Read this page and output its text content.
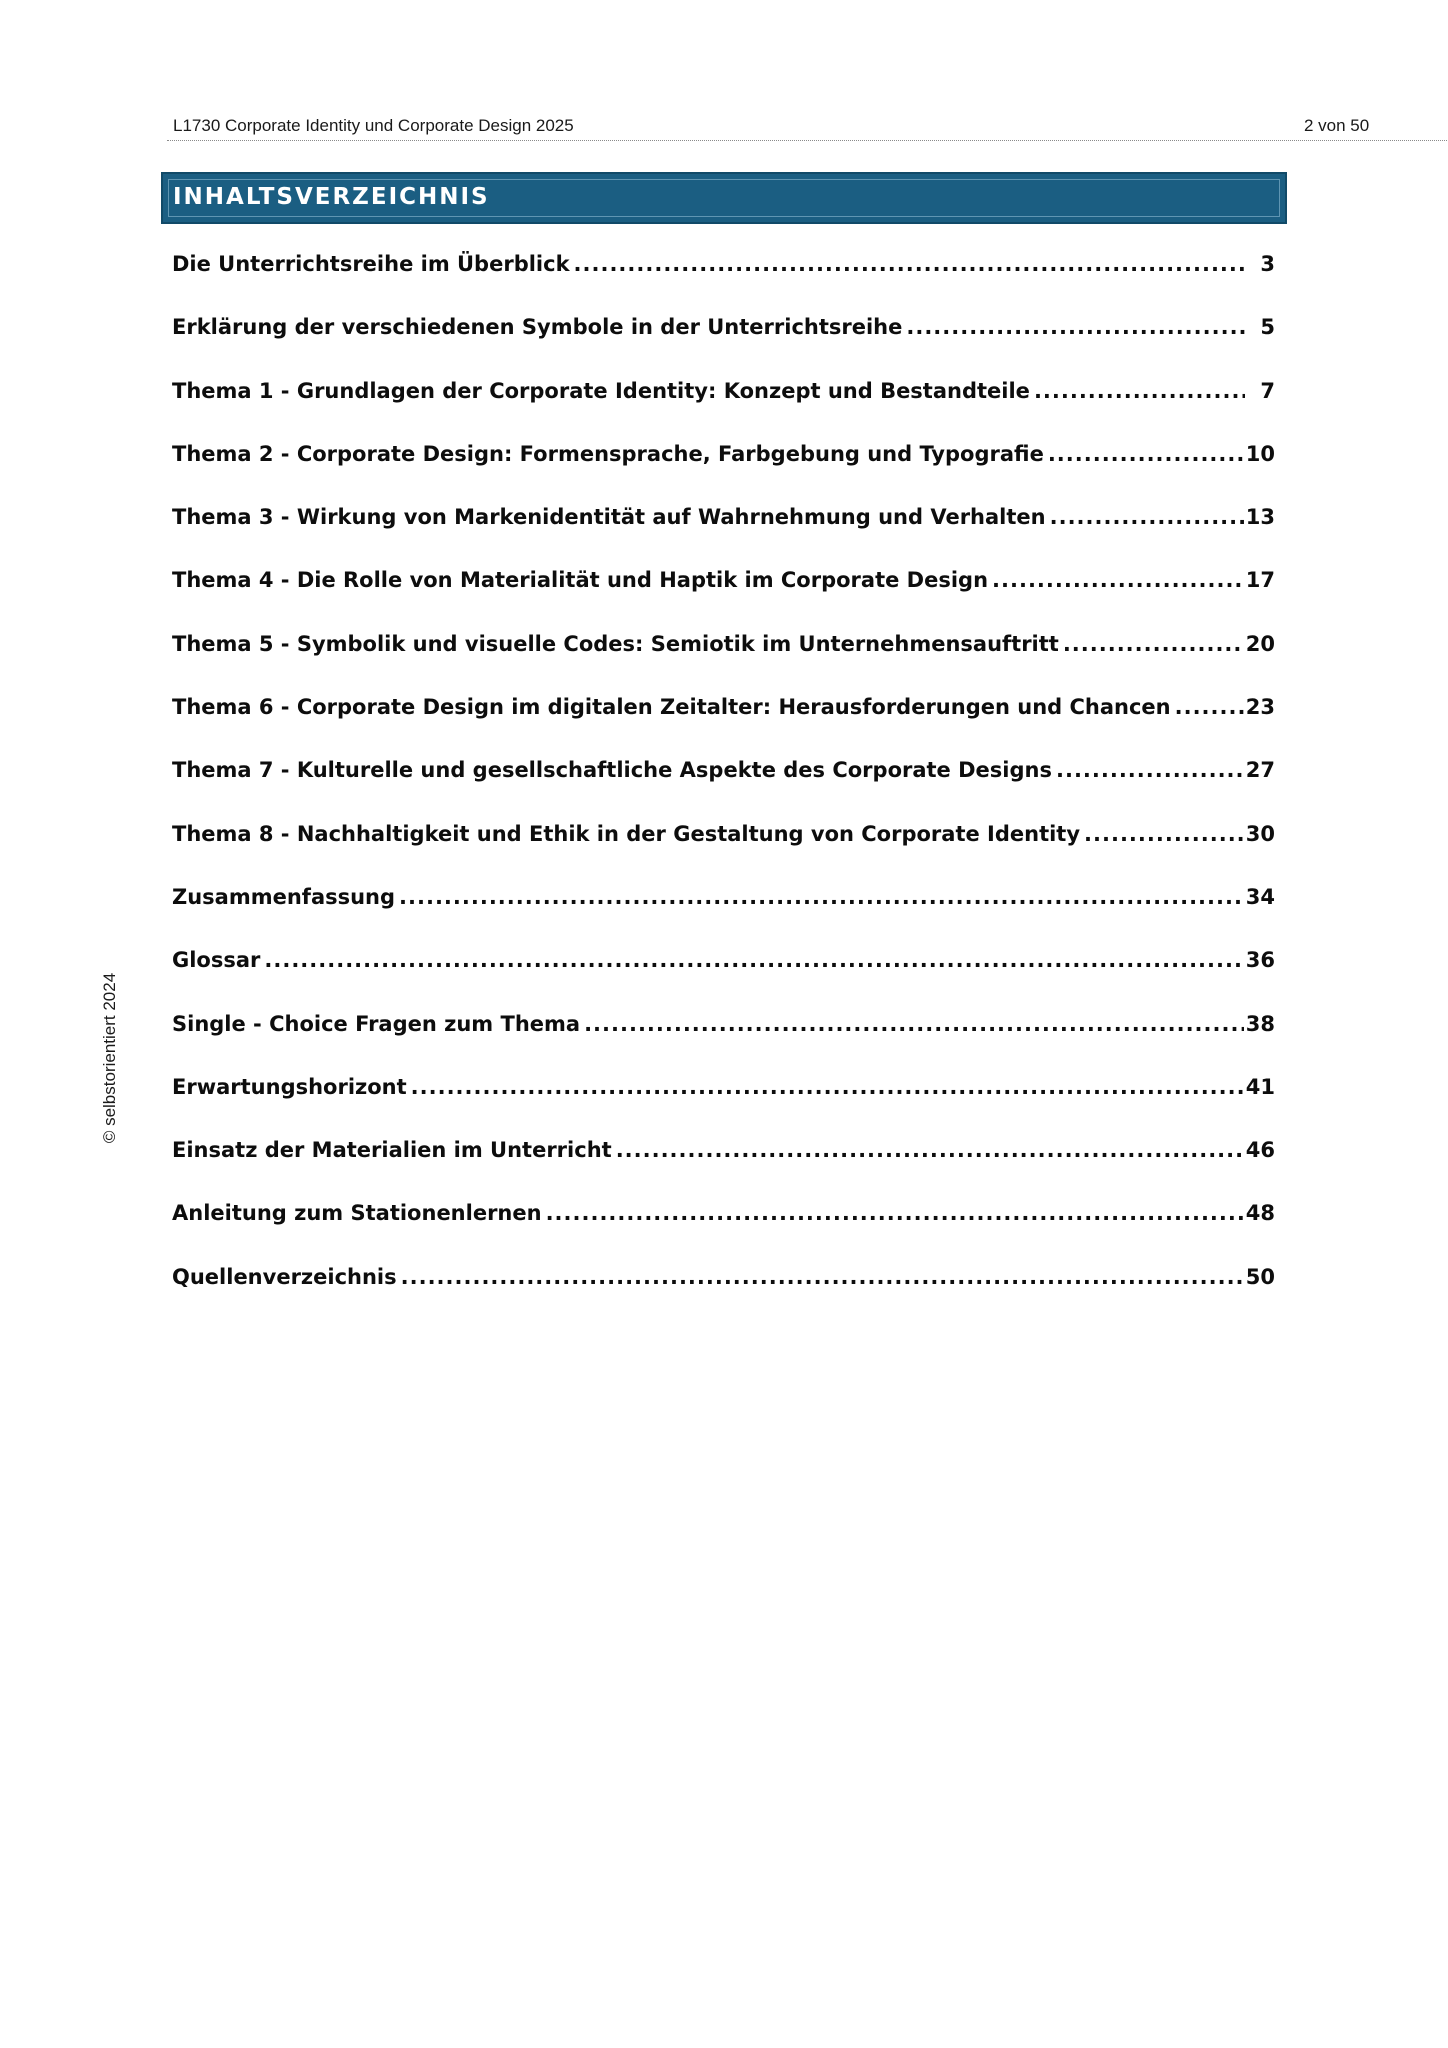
L1730 Corporate Identity und Corporate Design 2025	2 von 50
INHALTSVERZEICHNIS
Die Unterrichtsreihe im Überblick .....	3
Erklärung der verschiedenen Symbole in der Unterrichtsreihe .....	5
Thema 1 - Grundlagen der Corporate Identity: Konzept und Bestandteile .....	7
Thema 2 - Corporate Design: Formensprache, Farbgebung und Typografie .....	10
Thema 3 - Wirkung von Markenidentität auf Wahrnehmung und Verhalten .....	13
Thema 4 - Die Rolle von Materialität und Haptik im Corporate Design .....	17
Thema 5 - Symbolik und visuelle Codes: Semiotik im Unternehmensauftritt .....	20
Thema 6 - Corporate Design im digitalen Zeitalter: Herausforderungen und Chancen .....	23
Thema 7 - Kulturelle und gesellschaftliche Aspekte des Corporate Designs .....	27
Thema 8 - Nachhaltigkeit und Ethik in der Gestaltung von Corporate Identity .....	30
Zusammenfassung .....	34
Glossar .....	36
Single - Choice Fragen zum Thema .....	38
Erwartungshorizont .....	41
Einsatz der Materialien im Unterricht .....	46
Anleitung zum Stationenlernen .....	48
Quellenverzeichnis .....	50
© selbstorientiert 2024
